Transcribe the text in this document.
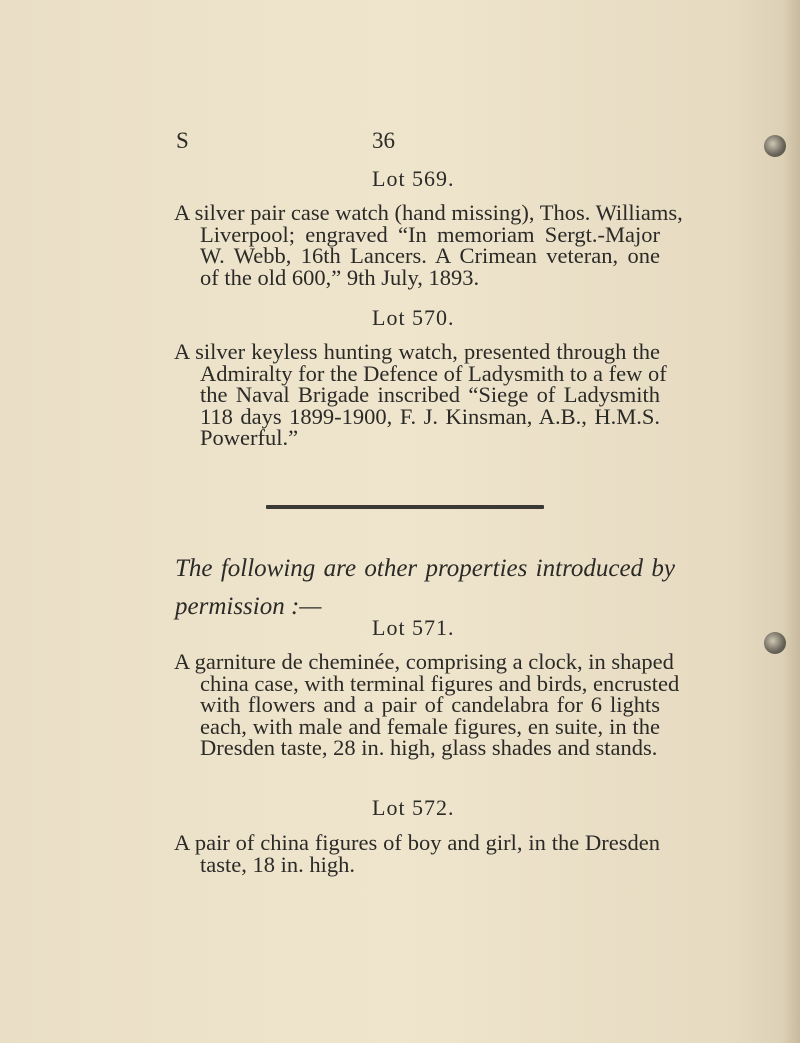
S	36
Lot 569.
A silver pair case watch (hand missing), Thos. Williams,
Liverpool; engraved “In memoriam Sergt.-Major
W. Webb, 16th Lancers. A Crimean veteran, one
of the old 600,” 9th July, 1893.
Lot 570.
A silver keyless hunting watch, presented through the
Admiralty for the Defence of Ladysmith to a few of
the Naval Brigade inscribed “Siege of Ladysmith
118 days 1899-1900, F. J. Kinsman, A.B., H.M.S.
Powerful.”
The following are other properties introduced by
permission :—
Lot 571.
A garniture de cheminée, comprising a clock, in shaped
china case, with terminal figures and birds, encrusted
with flowers and a pair of candelabra for 6 lights
each, with male and female figures, en suite, in the
Dresden taste, 28 in. high, glass shades and stands.
Lot 572.
A pair of china figures of boy and girl, in the Dresden
taste, 18 in. high.
